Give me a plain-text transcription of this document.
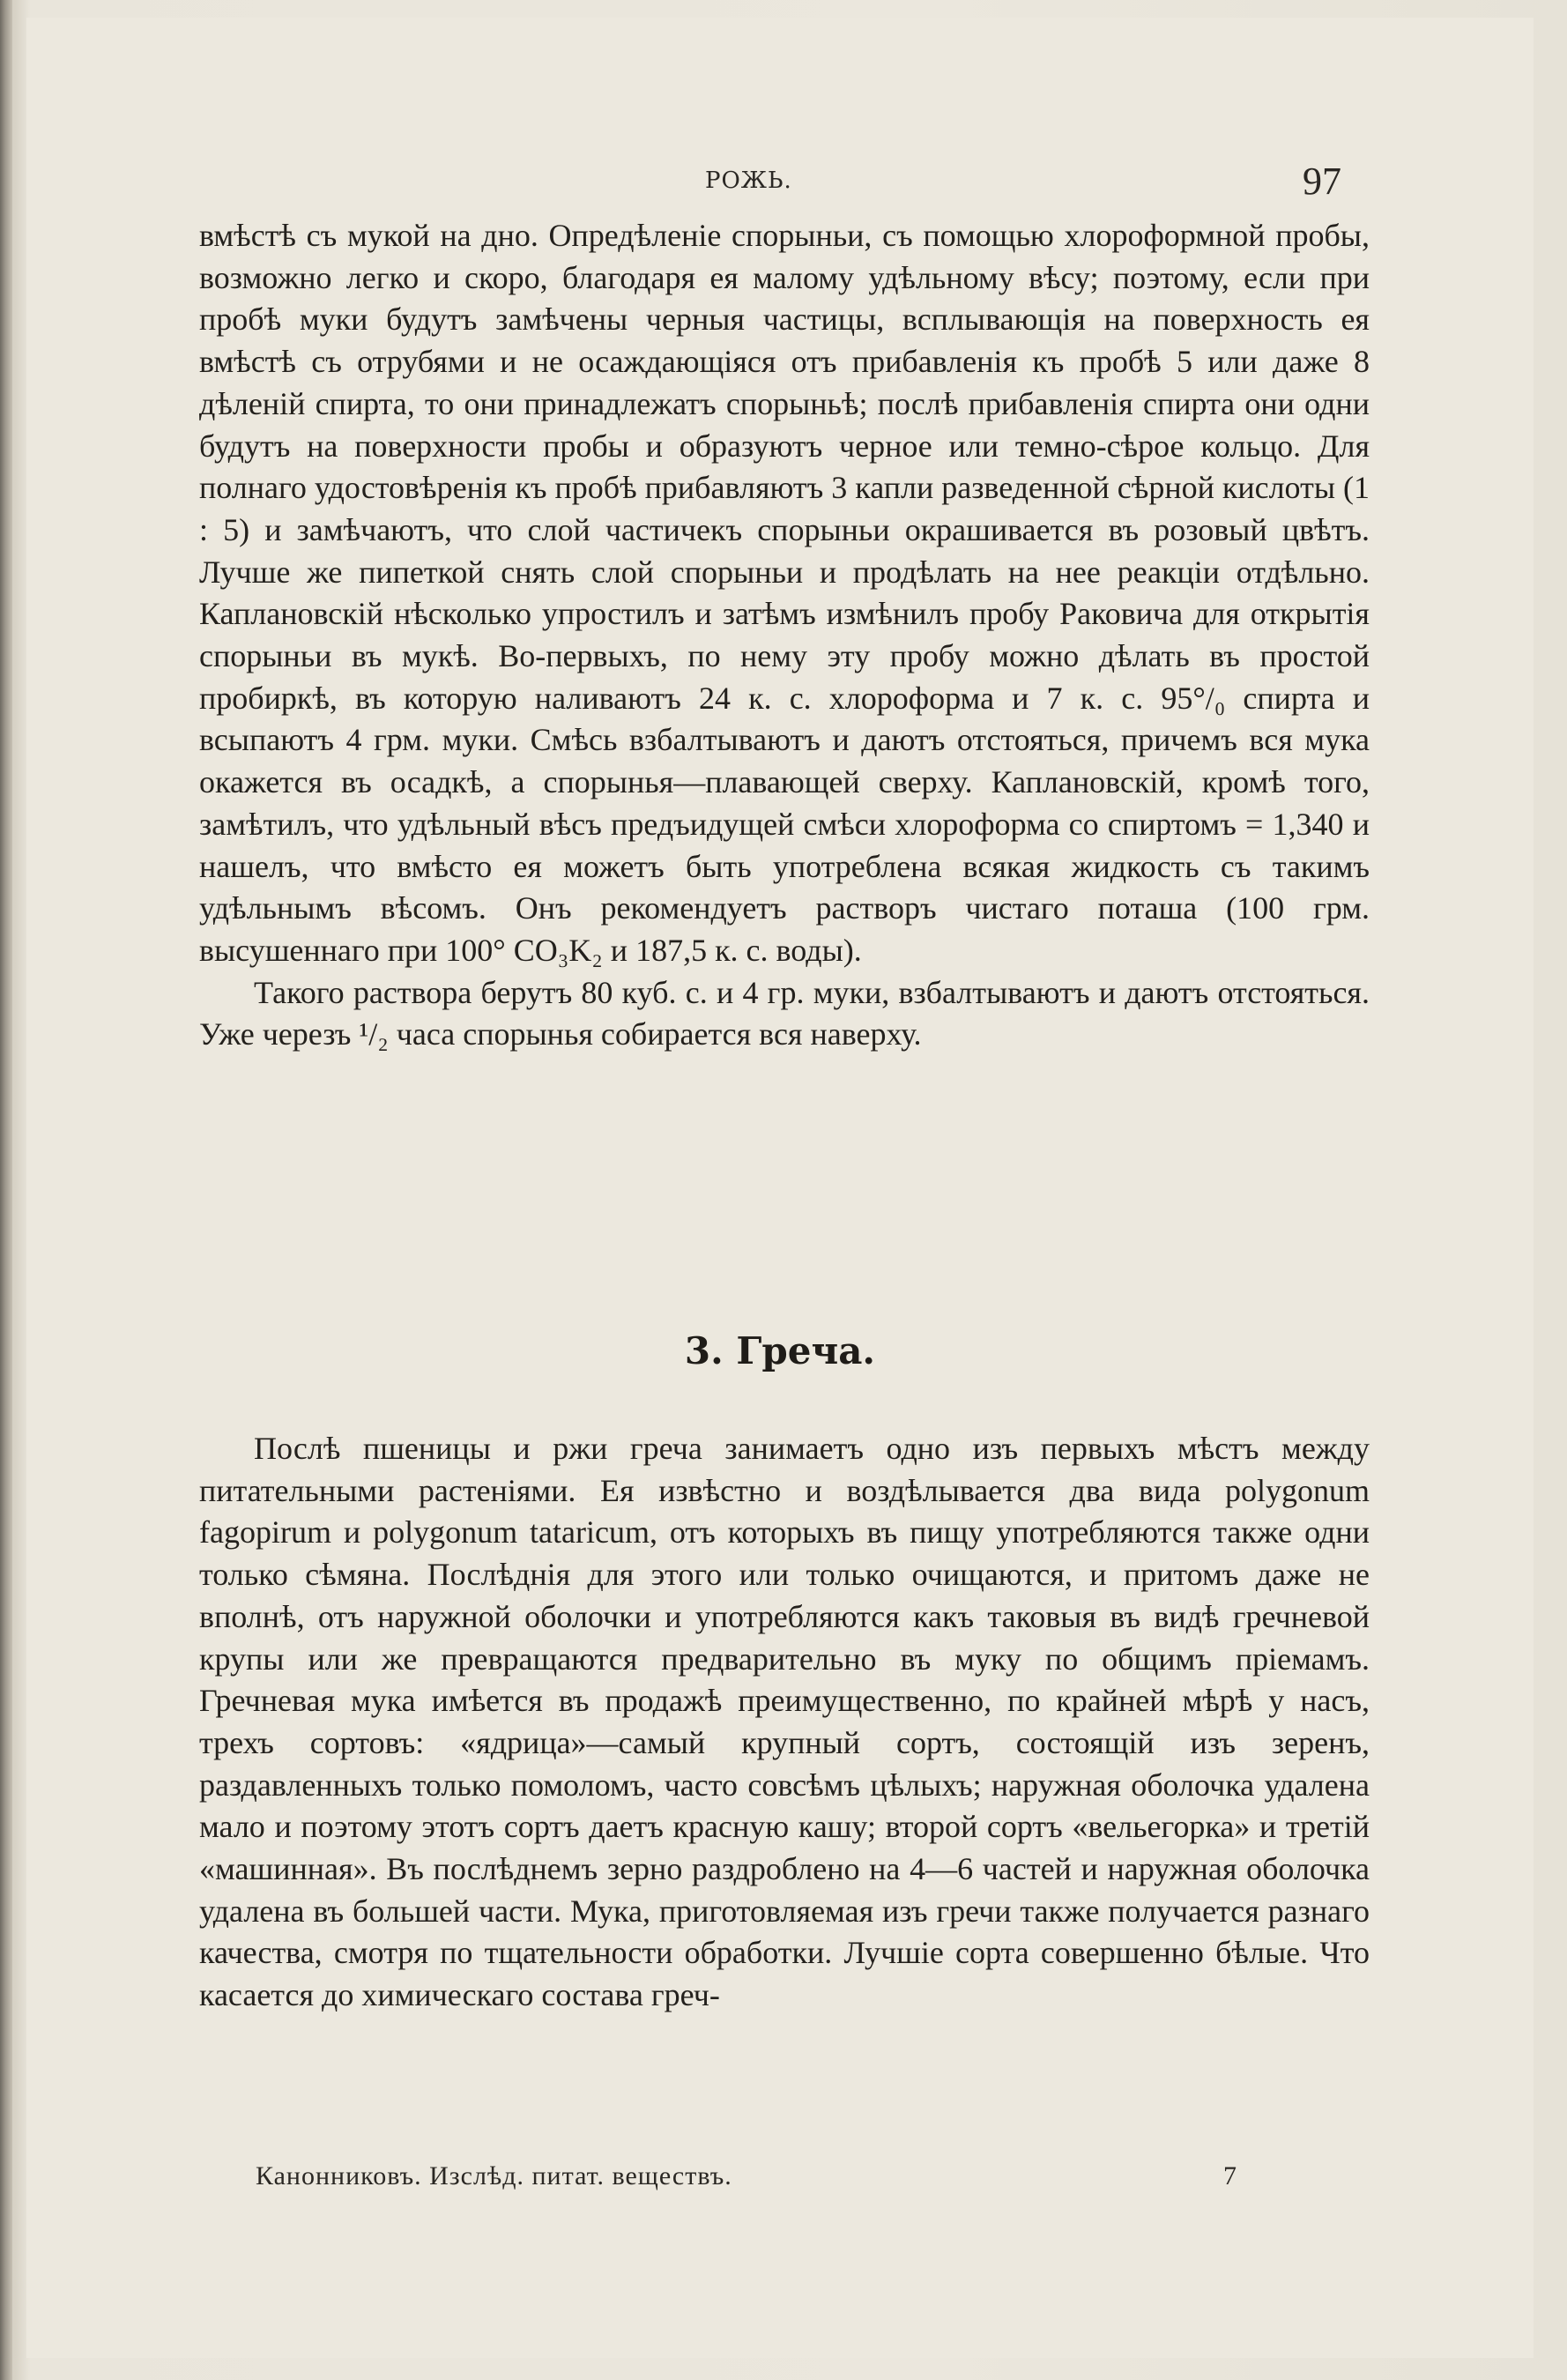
РОЖЬ.	97

вмѣстѣ съ мукой на дно. Опредѣленіе спорыньи, съ помощью хлороформной пробы, возможно легко и скоро, благодаря ея малому удѣльному вѣсу; поэтому, если при пробѣ муки будутъ замѣчены черныя частицы, всплывающія на поверхность ея вмѣстѣ съ отрубями и не осаждающіяся отъ прибавленія къ пробѣ 5 или даже 8 дѣленій спирта, то они принадлежатъ спорыньѣ; послѣ прибавленія спирта они одни будутъ на поверхности пробы и образуютъ черное или темно-сѣрое кольцо. Для полнаго удостовѣренія къ пробѣ прибавляютъ 3 капли разведенной сѣрной кислоты (1 : 5) и замѣчаютъ, что слой частичекъ спорыньи окрашивается въ розовый цвѣтъ. Лучше же пипеткой снять слой спорыньи и продѣлать на нее реакціи отдѣльно. Каплановскій нѣсколько упростилъ и затѣмъ измѣнилъ пробу Раковича для открытія спорыньи въ мукѣ. Во-первыхъ, по нему эту пробу можно дѣлать въ простой пробиркѣ, въ которую наливаютъ 24 к. с. хлороформа и 7 к. с. 95°/₀ спирта и всыпаютъ 4 грм. муки. Смѣсь взбалтываютъ и даютъ отстояться, причемъ вся мука окажется въ осадкѣ, а спорынья—плавающей сверху. Каплановскій, кромѣ того, замѣтилъ, что удѣльный вѣсъ предъидущей смѣси хлороформа со спиртомъ = 1,340 и нашелъ, что вмѣсто ея можетъ быть употреблена всякая жидкость съ такимъ удѣльнымъ вѣсомъ. Онъ рекомендуетъ растворъ чистаго поташа (100 грм. высушеннаго при 100° CO₃K₂ и 187,5 к. с. воды).

Такого раствора берутъ 80 куб. с. и 4 гр. муки, взбалтываютъ и даютъ отстояться. Уже черезъ ¹/₂ часа спорынья собирается вся наверху.

3. Греча.

Послѣ пшеницы и ржи греча занимаетъ одно изъ первыхъ мѣстъ между питательными растеніями. Ея извѣстно и воздѣлывается два вида polygonum fagopirum и polygonum tataricum, отъ которыхъ въ пищу употребляются также одни только сѣмяна. Послѣднія для этого или только очищаются, и притомъ даже не вполнѣ, отъ наружной оболочки и употребляются какъ таковыя въ видѣ гречневой крупы или же превращаются предварительно въ муку по общимъ пріемамъ. Гречневая мука имѣется въ продажѣ преимущественно, по крайней мѣрѣ у насъ, трехъ сортовъ: «ядрица»—самый крупный сортъ, состоящій изъ зеренъ, раздавленныхъ только помоломъ, часто совсѣмъ цѣлыхъ; наружная оболочка удалена мало и поэтому этотъ сортъ даетъ красную кашу; второй сортъ «вельегорка» и третій «машинная». Въ послѣднемъ зерно раздроблено на 4—6 частей и наружная оболочка удалена въ большей части. Мука, приготовляемая изъ гречи также получается разнаго качества, смотря по тщательности обработки. Лучшіе сорта совершенно бѣлые. Что касается до химическаго состава греч-

Канонниковъ. Изслѣд. питат. веществъ.	7
